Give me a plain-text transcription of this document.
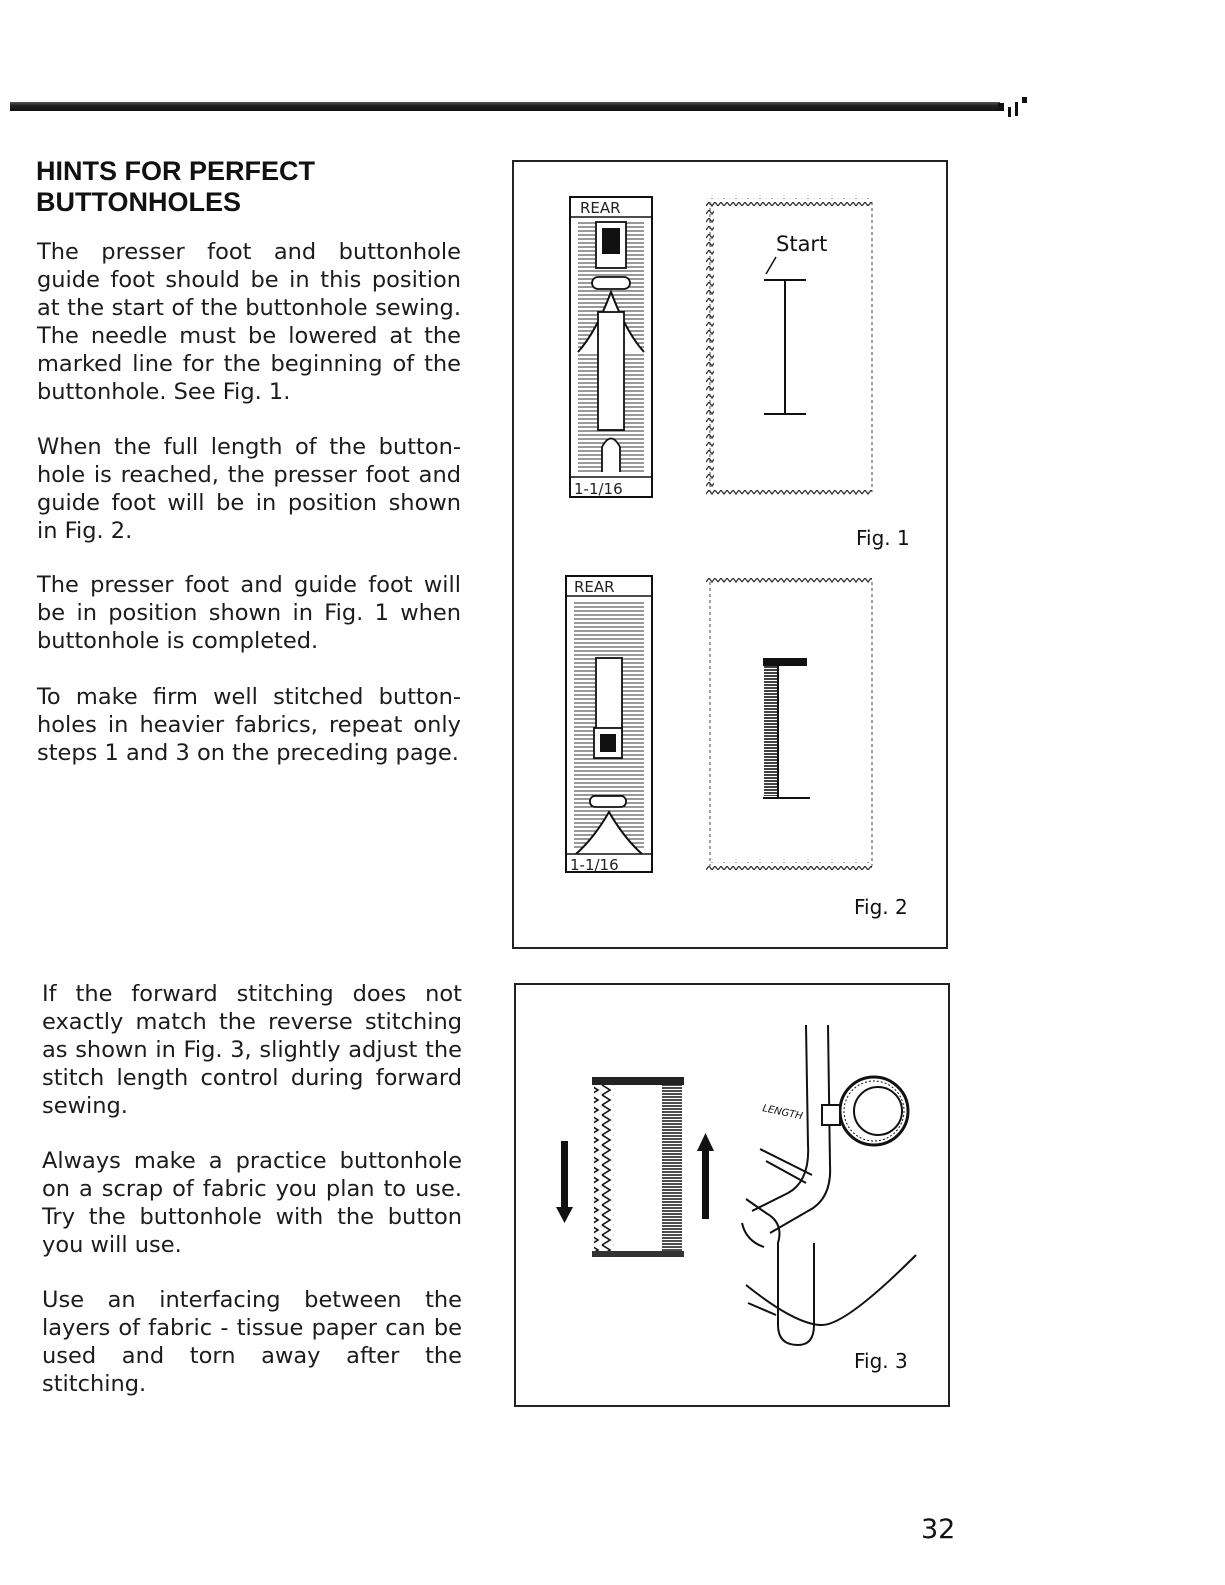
HINTS FOR PERFECT BUTTONHOLES

The presser foot and buttonhole guide foot should be in this position at the start of the buttonhole sewing. The needle must be lowered at the marked line for the beginning of the buttonhole. See Fig. 1.

When the full length of the button-hole is reached, the presser foot and guide foot will be in position shown in Fig. 2.

The presser foot and guide foot will be in position shown in Fig. 1 when buttonhole is completed.

To make firm well stitched button-holes in heavier fabrics, repeat only steps 1 and 3 on the preceding page.

If the forward stitching does not exactly match the reverse stitching as shown in Fig. 3, slightly adjust the stitch length control during forward sewing.

Always make a practice buttonhole on a scrap of fabric you plan to use. Try the buttonhole with the button you will use.

Use an interfacing between the layers of fabric - tissue paper can be used and torn away after the stitching.

REAR
1-1/16
REAR
1-1/16
Start
Fig. 1
Fig. 2
LENGTH
Fig. 3
32
